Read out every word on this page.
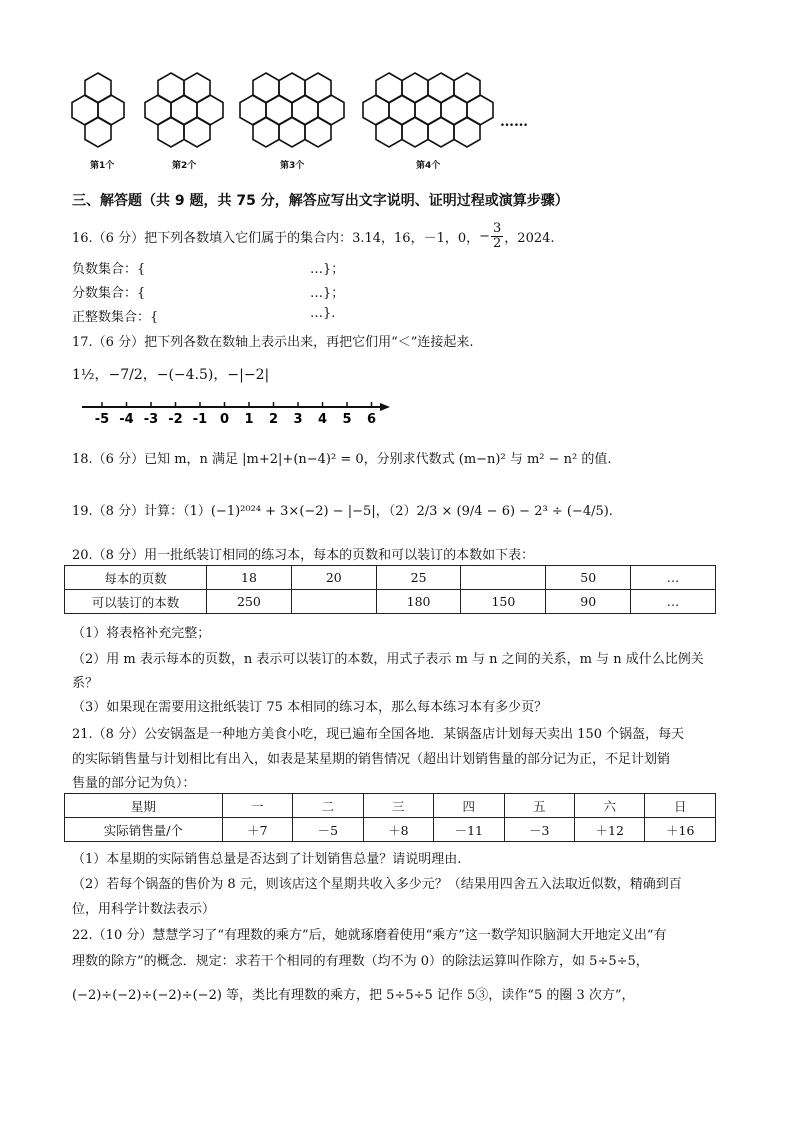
第1个	第2个	第3个	第4个
……
三、解答题（共 9 题，共 75 分，解答应写出文字说明、证明过程或演算步骤）
16.（6 分）把下列各数填入它们属于的集合内：3.14，16，－1，0， − $\frac{3}{2}$ ，2024.
负数集合：{	…}；
分数集合：{	…}；
正整数集合：{	…}.
17.（6 分）把下列各数在数轴上表示出来，再把它们用“＜”连接起来.
1½，−7/2，−(−4.5)，−|−2|
-5 -4 -3 -2 -1 0 1 2 3 4 5 6
18.（6 分）已知 m，n 满足 |m+2|+(n−4)² = 0，分别求代数式 (m−n)² 与 m² − n² 的值.
19.（8 分）计算：（1）(−1)²⁰²⁴ + 3×(−2) − |−5|，（2）2/3 × (9/4 − 6) − 2³ ÷ (−4/5).
20.（8 分）用一批纸装订相同的练习本，每本的页数和可以装订的本数如下表：
每本的页数	18	20	25		50	…
可以装订的本数	250		180	150	90	…
（1）将表格补充完整；
（2）用 m 表示每本的页数，n 表示可以装订的本数，用式子表示 m 与 n 之间的关系，m 与 n 成什么比例关
系？
（3）如果现在需要用这批纸装订 75 本相同的练习本，那么每本练习本有多少页？
21.（8 分）公安锅盔是一种地方美食小吃，现已遍布全国各地．某锅盔店计划每天卖出 150 个锅盔，每天
的实际销售量与计划相比有出入，如表是某星期的销售情况（超出计划销售量的部分记为正，不足计划销
售量的部分记为负）：
星期	一	二	三	四	五	六	日
实际销售量/个	＋7	－5	＋8	－11	－3	＋12	＋16
（1）本星期的实际销售总量是否达到了计划销售总量？请说明理由.
（2）若每个锅盔的售价为 8 元，则该店这个星期共收入多少元？（结果用四舍五入法取近似数，精确到百
位，用科学计数法表示）
22.（10 分）慧慧学习了“有理数的乘方”后，她就琢磨着使用“乘方”这一数学知识脑洞大开地定义出“有
理数的除方”的概念．规定：求若干个相同的有理数（均不为 0）的除法运算叫作除方，如 5÷5÷5，
(−2)÷(−2)÷(−2)÷(−2) 等，类比有理数的乘方，把 5÷5÷5 记作 5③，读作“5 的圈 3 次方”，
